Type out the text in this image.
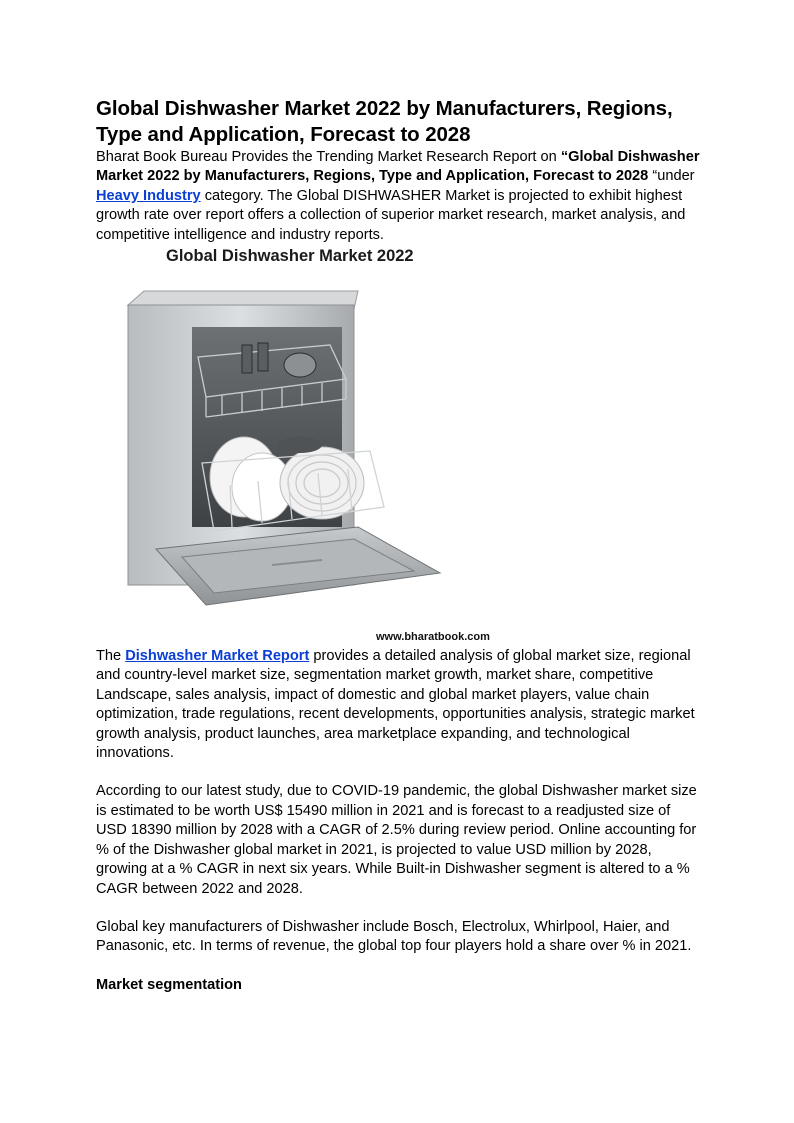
Global Dishwasher Market 2022 by Manufacturers, Regions, Type and Application, Forecast to 2028

Bharat Book Bureau Provides the Trending Market Research Report on “Global Dishwasher Market 2022 by Manufacturers, Regions, Type and Application, Forecast to 2028 “under Heavy Industry category. The Global DISHWASHER Market is projected to exhibit highest growth rate over report offers a collection of superior market research, market analysis, and competitive intelligence and industry reports.

Global Dishwasher Market 2022
www.bharatbook.com

The Dishwasher Market Report provides a detailed analysis of global market size, regional and country-level market size, segmentation market growth, market share, competitive Landscape, sales analysis, impact of domestic and global market players, value chain optimization, trade regulations, recent developments, opportunities analysis, strategic market growth analysis, product launches, area marketplace expanding, and technological innovations.

According to our latest study, due to COVID-19 pandemic, the global Dishwasher market size is estimated to be worth US$ 15490 million in 2021 and is forecast to a readjusted size of USD 18390 million by 2028 with a CAGR of 2.5% during review period. Online accounting for % of the Dishwasher global market in 2021, is projected to value USD million by 2028, growing at a % CAGR in next six years. While Built-in Dishwasher segment is altered to a % CAGR between 2022 and 2028.

Global key manufacturers of Dishwasher include Bosch, Electrolux, Whirlpool, Haier, and Panasonic, etc. In terms of revenue, the global top four players hold a share over % in 2021.

Market segmentation
